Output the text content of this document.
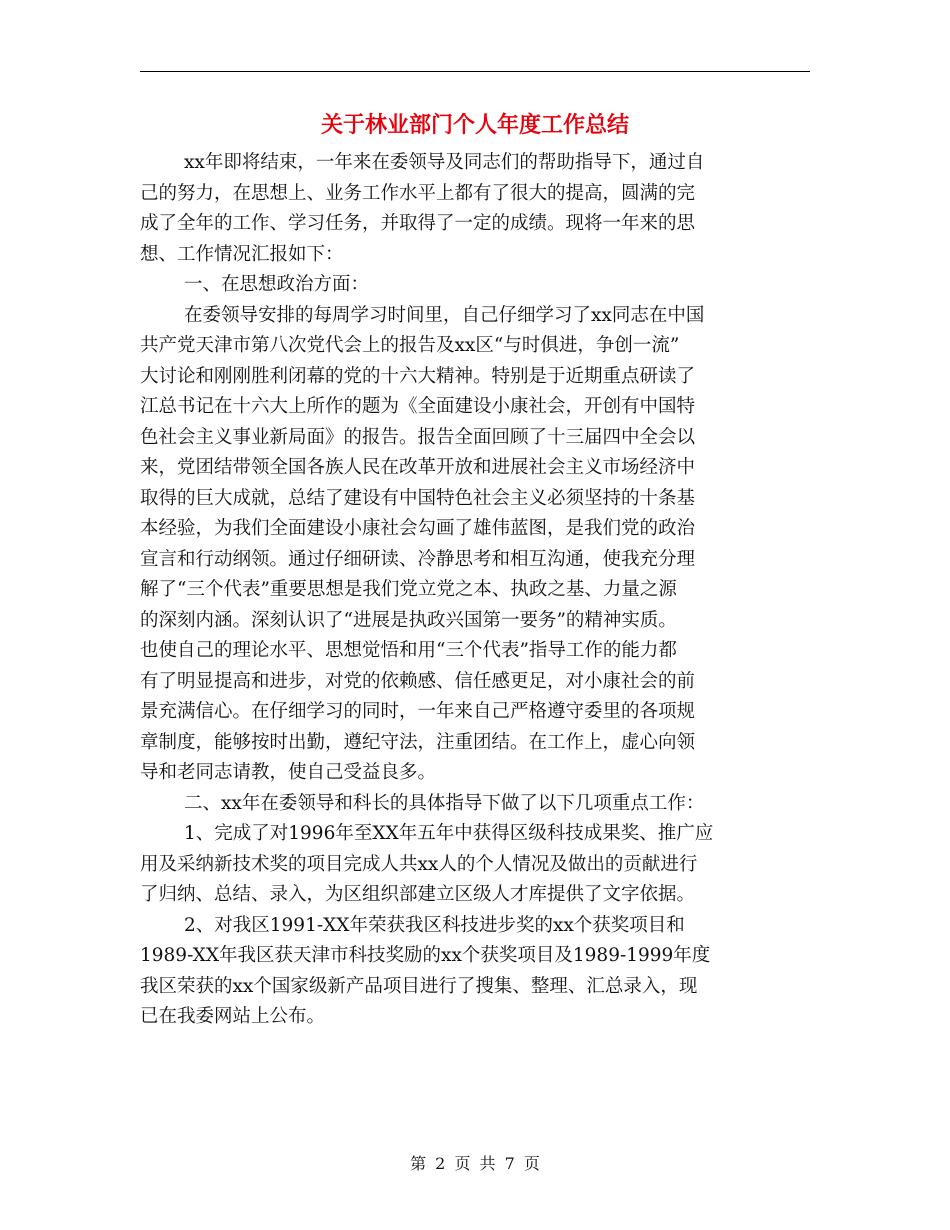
关于林业部门个人年度工作总结
xx年即将结束，一年来在委领导及同志们的帮助指导下，通过自
己的努力，在思想上、业务工作水平上都有了很大的提高，圆满的完
成了全年的工作、学习任务，并取得了一定的成绩。现将一年来的思
想、工作情况汇报如下：
一、在思想政治方面：
在委领导安排的每周学习时间里，自己仔细学习了xx同志在中国
共产党天津市第八次党代会上的报告及xx区“与时俱进，争创一流”
大讨论和刚刚胜利闭幕的党的十六大精神。特别是于近期重点研读了
江总书记在十六大上所作的题为《全面建设小康社会，开创有中国特
色社会主义事业新局面》的报告。报告全面回顾了十三届四中全会以
来，党团结带领全国各族人民在改革开放和进展社会主义市场经济中
取得的巨大成就，总结了建设有中国特色社会主义必须坚持的十条基
本经验，为我们全面建设小康社会勾画了雄伟蓝图，是我们党的政治
宣言和行动纲领。通过仔细研读、冷静思考和相互沟通，使我充分理
解了“三个代表”重要思想是我们党立党之本、执政之基、力量之源
的深刻内涵。深刻认识了“进展是执政兴国第一要务”的精神实质。
也使自己的理论水平、思想觉悟和用“三个代表”指导工作的能力都
有了明显提高和进步，对党的依赖感、信任感更足，对小康社会的前
景充满信心。在仔细学习的同时，一年来自己严格遵守委里的各项规
章制度，能够按时出勤，遵纪守法，注重团结。在工作上，虚心向领
导和老同志请教，使自己受益良多。
二、xx年在委领导和科长的具体指导下做了以下几项重点工作：
1、完成了对1996年至XX年五年中获得区级科技成果奖、推广应
用及采纳新技术奖的项目完成人共xx人的个人情况及做出的贡献进行
了归纳、总结、录入，为区组织部建立区级人才库提供了文字依据。
2、对我区1991-XX年荣获我区科技进步奖的xx个获奖项目和
1989-XX年我区获天津市科技奖励的xx个获奖项目及1989-1999年度
我区荣获的xx个国家级新产品项目进行了搜集、整理、汇总录入，现
已在我委网站上公布。
第 2 页 共 7 页
